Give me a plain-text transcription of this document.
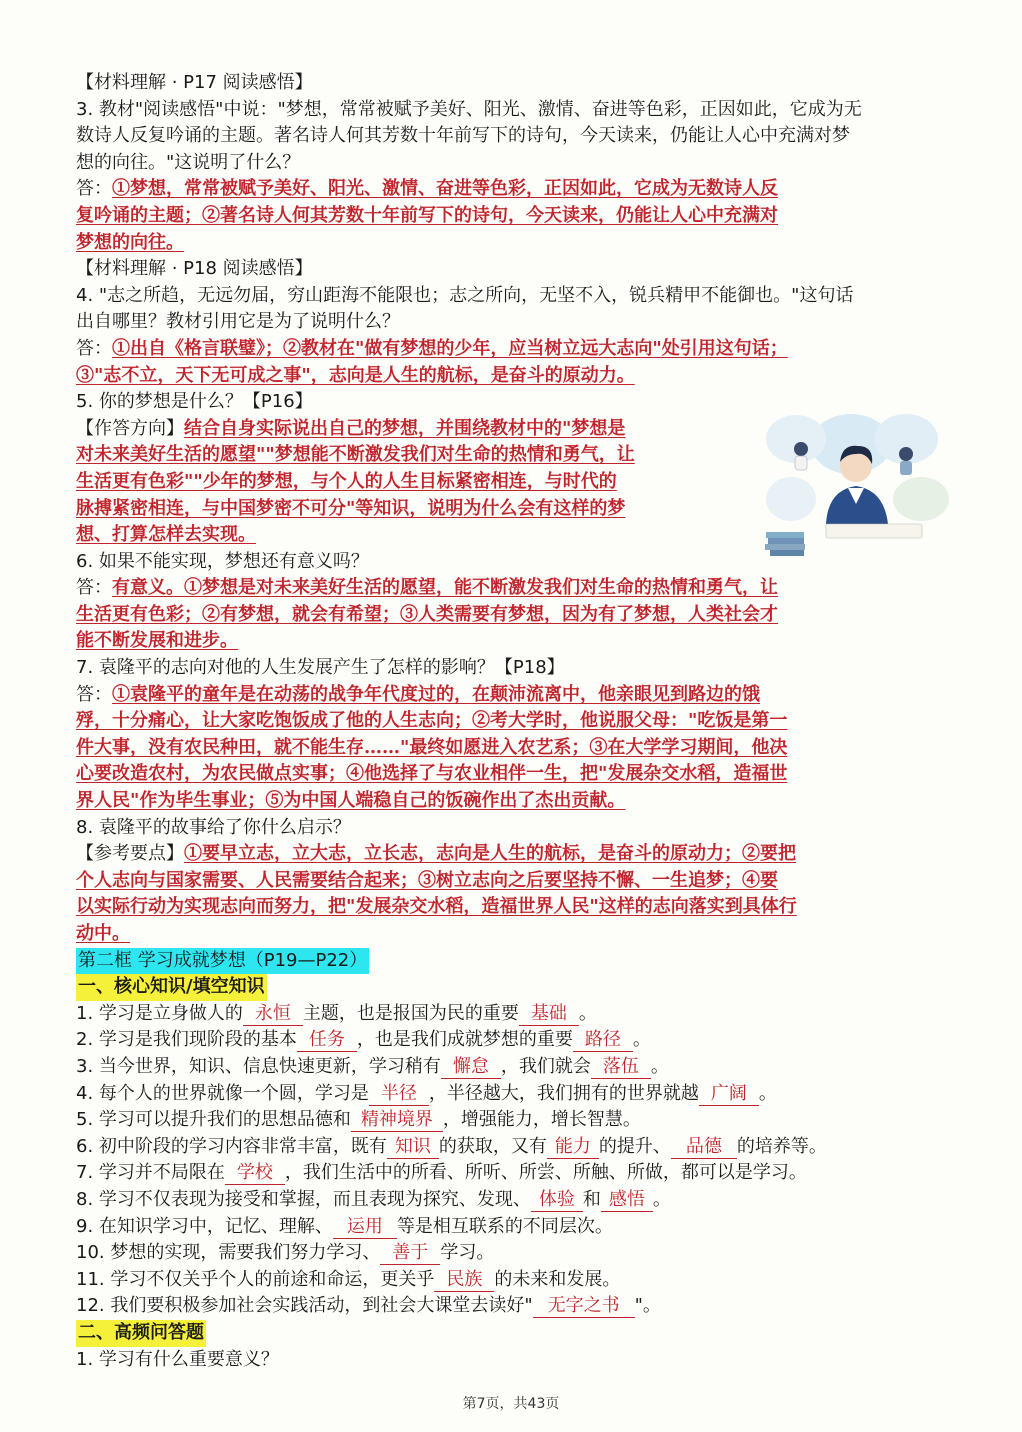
【材料理解 · P17 阅读感悟】
3. 教材"阅读感悟"中说："梦想，常常被赋予美好、阳光、激情、奋进等色彩，正因如此，它成为无
数诗人反复吟诵的主题。著名诗人何其芳数十年前写下的诗句，今天读来，仍能让人心中充满对梦
想的向往。"这说明了什么？
答：①梦想，常常被赋予美好、阳光、激情、奋进等色彩，正因如此，它成为无数诗人反
复吟诵的主题；②著名诗人何其芳数十年前写下的诗句，今天读来，仍能让人心中充满对
梦想的向往。
【材料理解 · P18 阅读感悟】
4. "志之所趋，无远勿届，穷山距海不能限也；志之所向，无坚不入，锐兵精甲不能御也。"这句话
出自哪里？教材引用它是为了说明什么？
答：①出自《格言联璧》；②教材在"做有梦想的少年，应当树立远大志向"处引用这句话；
③"志不立，天下无可成之事"，志向是人生的航标，是奋斗的原动力。
5. 你的梦想是什么？【P16】
【作答方向】结合自身实际说出自己的梦想，并围绕教材中的"梦想是
对未来美好生活的愿望""梦想能不断激发我们对生命的热情和勇气，让
生活更有色彩""少年的梦想，与个人的人生目标紧密相连，与时代的
脉搏紧密相连，与中国梦密不可分"等知识，说明为什么会有这样的梦
想、打算怎样去实现。
6. 如果不能实现，梦想还有意义吗？
答：有意义。①梦想是对未来美好生活的愿望，能不断激发我们对生命的热情和勇气，让
生活更有色彩；②有梦想，就会有希望；③人类需要有梦想，因为有了梦想，人类社会才
能不断发展和进步。
7. 袁隆平的志向对他的人生发展产生了怎样的影响？【P18】
答：①袁隆平的童年是在动荡的战争年代度过的，在颠沛流离中，他亲眼见到路边的饿
殍，十分痛心，让大家吃饱饭成了他的人生志向；②考大学时，他说服父母："吃饭是第一
件大事，没有农民种田，就不能生存……"最终如愿进入农艺系；③在大学学习期间，他决
心要改造农村，为农民做点实事；④他选择了与农业相伴一生，把"发展杂交水稻，造福世
界人民"作为毕生事业；⑤为中国人端稳自己的饭碗作出了杰出贡献。
8. 袁隆平的故事给了你什么启示？
【参考要点】①要早立志，立大志，立长志，志向是人生的航标，是奋斗的原动力；②要把
个人志向与国家需要、人民需要结合起来；③树立志向之后要坚持不懈、一生追梦；④要
以实际行动为实现志向而努力，把"发展杂交水稻，造福世界人民"这样的志向落实到具体行
动中。
第二框 学习成就梦想（P19—P22）
一、核心知识/填空知识
1. 学习是立身做人的 永恒 主题，也是报国为民的重要 基础 。
2. 学习是我们现阶段的基本 任务 ，也是我们成就梦想的重要 路径 。
3. 当今世界，知识、信息快速更新，学习稍有 懈怠 ，我们就会 落伍 。
4. 每个人的世界就像一个圆，学习是 半径 ，半径越大，我们拥有的世界就越 广阔 。
5. 学习可以提升我们的思想品德和 精神境界 ，增强能力，增长智慧。
6. 初中阶段的学习内容非常丰富，既有 知识 的获取，又有 能力 的提升、 品德 的培养等。
7. 学习并不局限在 学校 ，我们生活中的所看、所听、所尝、所触、所做，都可以是学习。
8. 学习不仅表现为接受和掌握，而且表现为探究、发现、 体验 和 感悟 。
9. 在知识学习中，记忆、理解、 运用 等是相互联系的不同层次。
10. 梦想的实现，需要我们努力学习、 善于 学习。
11. 学习不仅关乎个人的前途和命运，更关乎 民族 的未来和发展。
12. 我们要积极参加社会实践活动，到社会大课堂去读好" 无字之书 "。
二、高频问答题
1. 学习有什么重要意义？
第7页，共43页
